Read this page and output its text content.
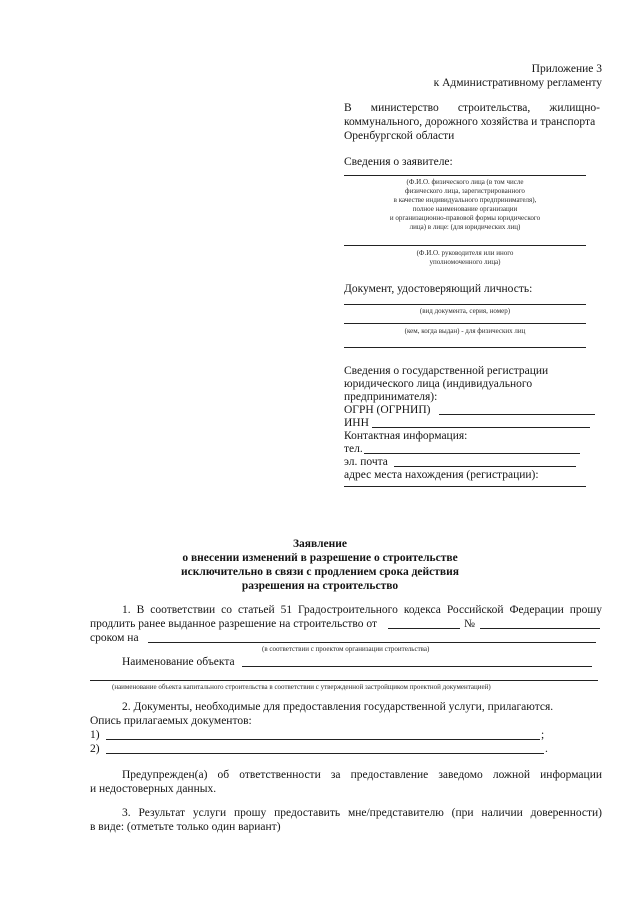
Приложение 3
к Административному регламенту
В министерство строительства, жилищно-
коммунального, дорожного хозяйства и транспорта
Оренбургской области
Сведения о заявителе:
(Ф.И.О. физического лица (в том числе
физического лица, зарегистрированного
в качестве индивидуального предпринимателя),
полное наименование организации
и организационно-правовой формы юридического
лица) в лице: (для юридических лиц)
(Ф.И.О. руководителя или иного
уполномоченного лица)
Документ, удостоверяющий личность:
(вид документа, серия, номер)
(кем, когда выдан) - для физических лиц
Сведения о государственной регистрации
юридического лица (индивидуального
предпринимателя):
ОГРН (ОГРНИП)
ИНН
Контактная информация:
тел.
эл. почта
адрес места нахождения (регистрации):
Заявление
о внесении изменений в разрешение о строительстве
исключительно в связи с продлением срока действия
разрешения на строительство
1. В соответствии со статьей 51 Градостроительного кодекса Российской Федерации прошу
продлить ранее выданное разрешение на строительство от	№
сроком на
(в соответствии с проектом организации строительства)
Наименование объекта
(наименование объекта капитального строительства в соответствии с утвержденной застройщиком проектной документацией)
2. Документы, необходимые для предоставления государственной услуги, прилагаются.
Опись прилагаемых документов:
1)	;
2)	.
Предупрежден(а) об ответственности за предоставление заведомо ложной информации
и недостоверных данных.
3. Результат услуги прошу предоставить мне/представителю (при наличии доверенности)
в виде: (отметьте только один вариант)
